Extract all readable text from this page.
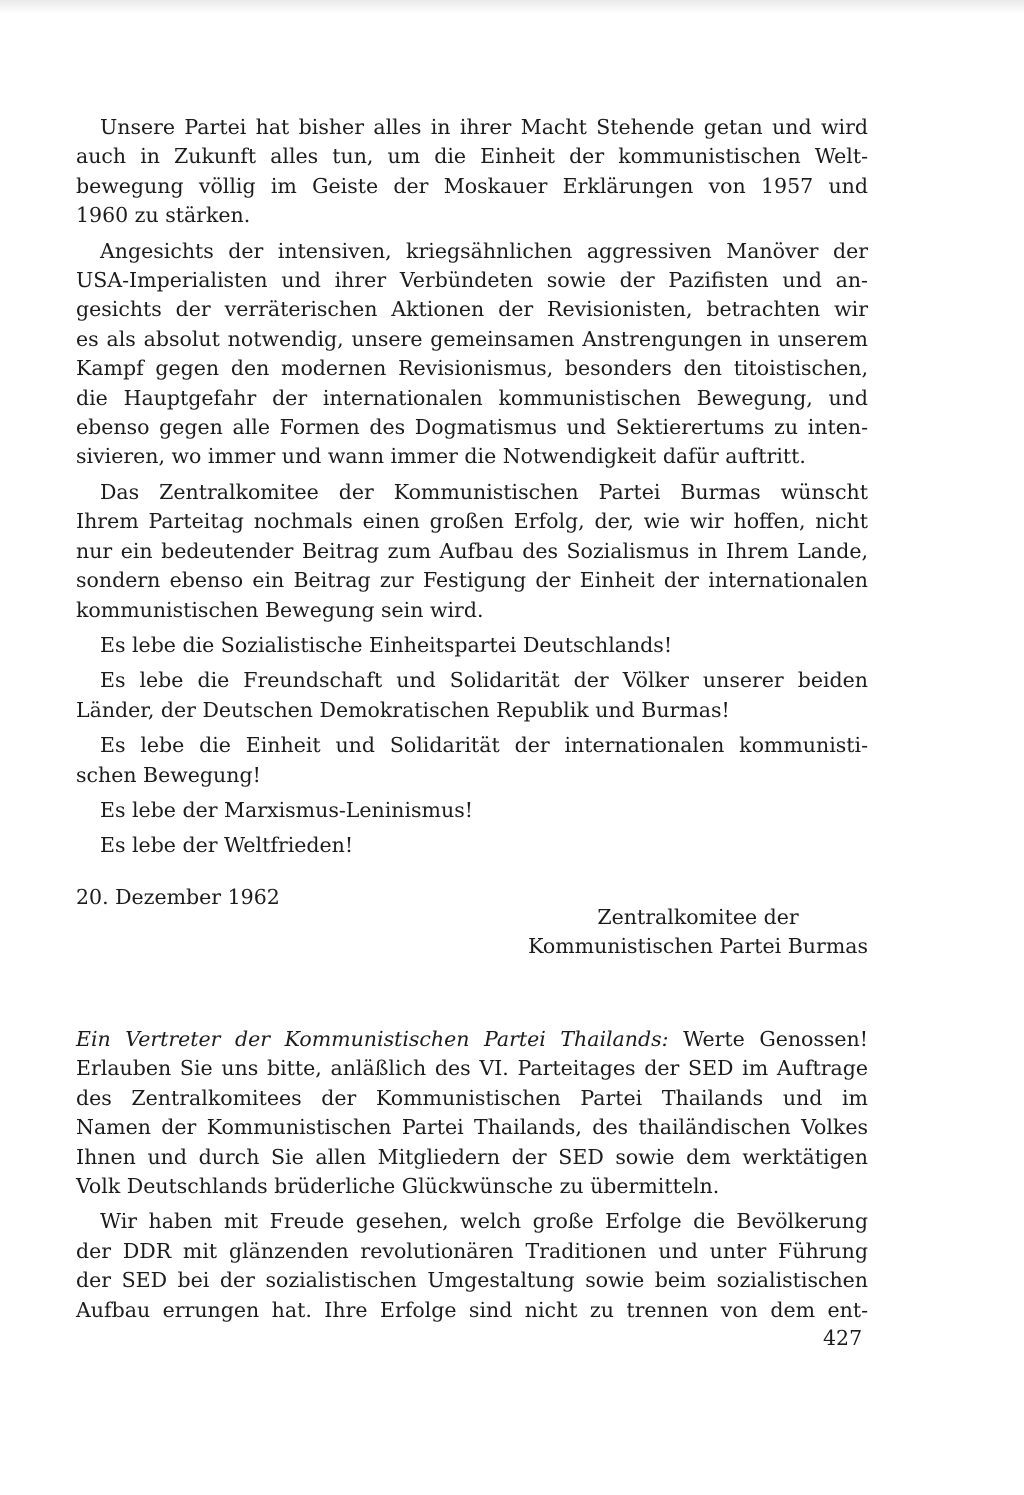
Unsere Partei hat bisher alles in ihrer Macht Stehende getan und wird
auch in Zukunft alles tun, um die Einheit der kommunistischen Welt-
bewegung völlig im Geiste der Moskauer Erklärungen von 1957 und
1960 zu stärken.
Angesichts der intensiven, kriegsähnlichen aggressiven Manöver der
USA-Imperialisten und ihrer Verbündeten sowie der Pazifisten und an-
gesichts der verräterischen Aktionen der Revisionisten, betrachten wir
es als absolut notwendig, unsere gemeinsamen Anstrengungen in unserem
Kampf gegen den modernen Revisionismus, besonders den titoistischen,
die Hauptgefahr der internationalen kommunistischen Bewegung, und
ebenso gegen alle Formen des Dogmatismus und Sektierertums zu inten-
sivieren, wo immer und wann immer die Notwendigkeit dafür auftritt.
Das Zentralkomitee der Kommunistischen Partei Burmas wünscht
Ihrem Parteitag nochmals einen großen Erfolg, der, wie wir hoffen, nicht
nur ein bedeutender Beitrag zum Aufbau des Sozialismus in Ihrem Lande,
sondern ebenso ein Beitrag zur Festigung der Einheit der internationalen
kommunistischen Bewegung sein wird.
Es lebe die Sozialistische Einheitspartei Deutschlands!
Es lebe die Freundschaft und Solidarität der Völker unserer beiden
Länder, der Deutschen Demokratischen Republik und Burmas!
Es lebe die Einheit und Solidarität der internationalen kommunisti-
schen Bewegung!
Es lebe der Marxismus-Leninismus!
Es lebe der Weltfrieden!
20. Dezember 1962
Zentralkomitee der
Kommunistischen Partei Burmas
Ein Vertreter der Kommunistischen Partei Thailands: Werte Genossen!
Erlauben Sie uns bitte, anläßlich des VI. Parteitages der SED im Auftrage
des Zentralkomitees der Kommunistischen Partei Thailands und im
Namen der Kommunistischen Partei Thailands, des thailändischen Volkes
Ihnen und durch Sie allen Mitgliedern der SED sowie dem werktätigen
Volk Deutschlands brüderliche Glückwünsche zu übermitteln.
Wir haben mit Freude gesehen, welch große Erfolge die Bevölkerung
der DDR mit glänzenden revolutionären Traditionen und unter Führung
der SED bei der sozialistischen Umgestaltung sowie beim sozialistischen
Aufbau errungen hat. Ihre Erfolge sind nicht zu trennen von dem ent-
427
